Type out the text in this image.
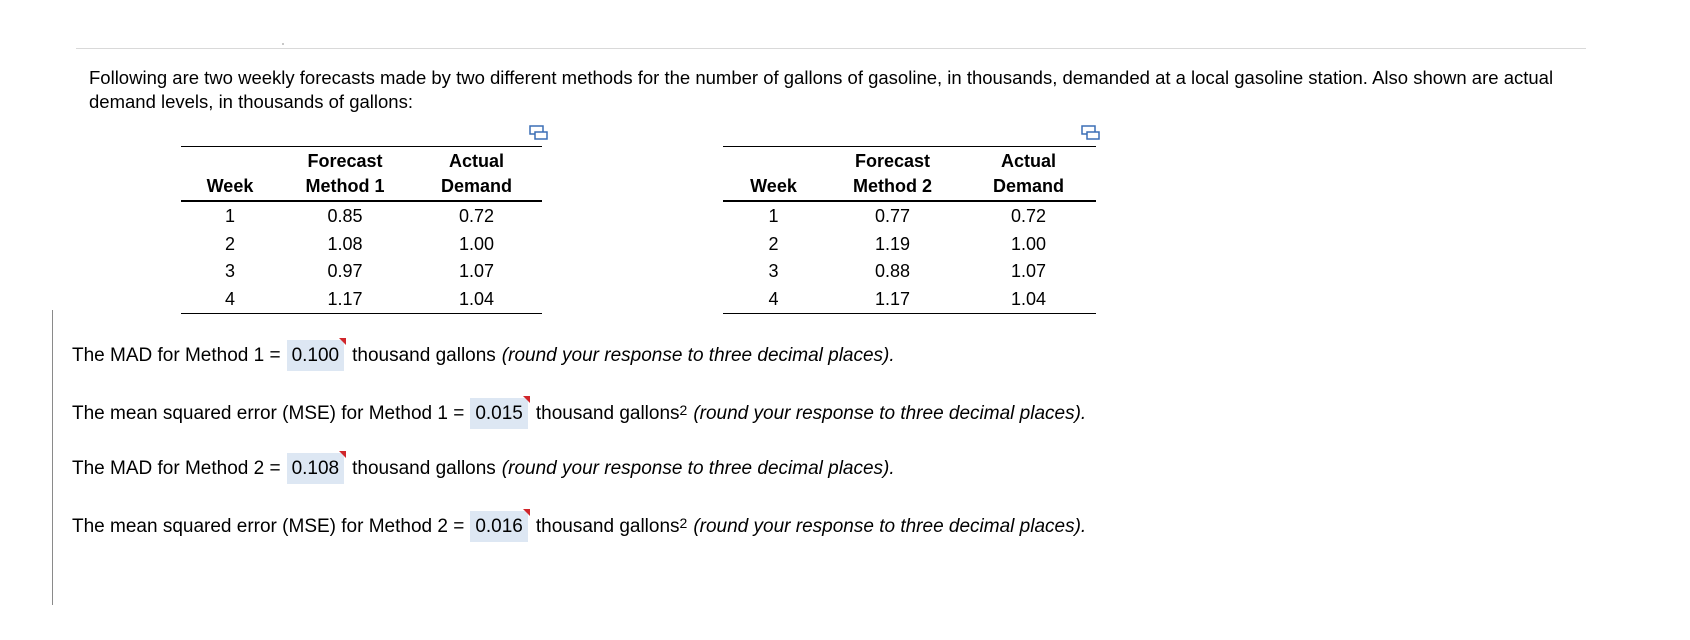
Following are two weekly forecasts made by two different methods for the number of gallons of gasoline, in thousands, demanded at a local gasoline station. Also shown are actual demand levels, in thousands of gallons:

	Forecast	Actual
Week	Method 1	Demand
1	0.85	0.72
2	1.08	1.00
3	0.97	1.07
4	1.17	1.04
	Forecast	Actual
Week	Method 2	Demand
1	0.77	0.72
2	1.19	1.00
3	0.88	1.07
4	1.17	1.04
The MAD for Method 1 = 0.100 thousand gallons (round your response to three decimal places).
The mean squared error (MSE) for Method 1 = 0.015 thousand gallons$^2$ (round your response to three decimal places).
The MAD for Method 2 = 0.108 thousand gallons (round your response to three decimal places).
The mean squared error (MSE) for Method 2 = 0.016 thousand gallons$^2$ (round your response to three decimal places).
